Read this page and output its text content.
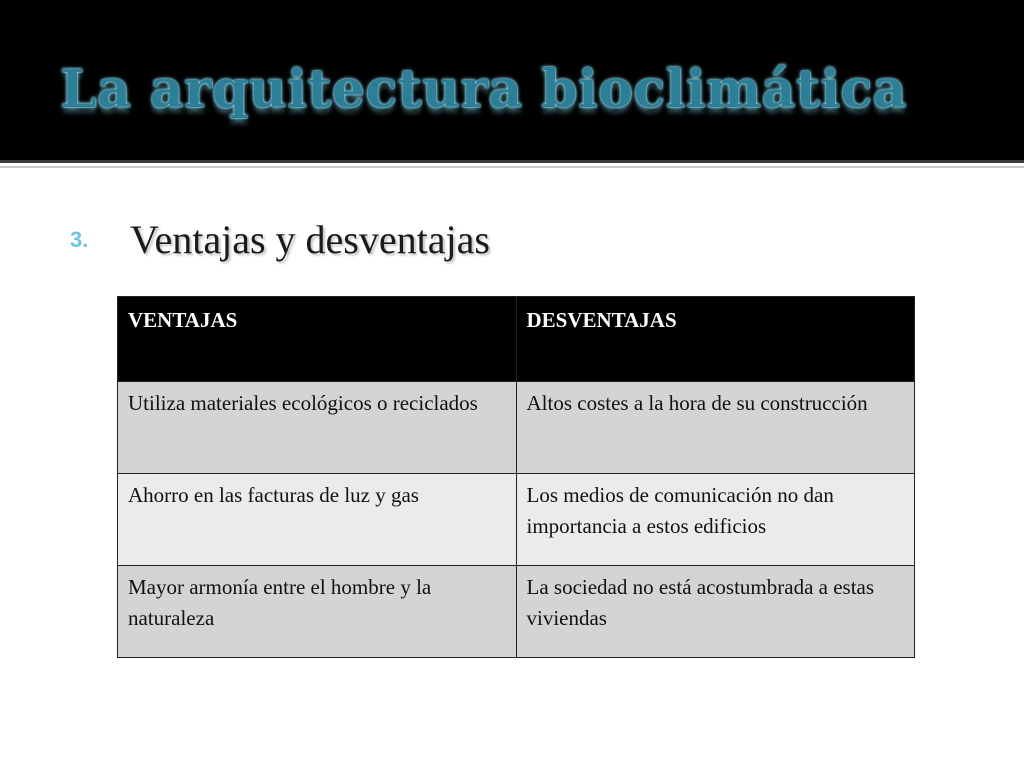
La arquitectura bioclimática
3. Ventajas y desventajas
VENTAJAS	DESVENTAJAS
Utiliza materiales ecológicos o reciclados	Altos costes a la hora de su construcción
Ahorro en las facturas de luz y gas	Los medios de comunicación no dan importancia a estos edificios
Mayor armonía entre el hombre y la naturaleza	La sociedad no está acostumbrada a estas viviendas
